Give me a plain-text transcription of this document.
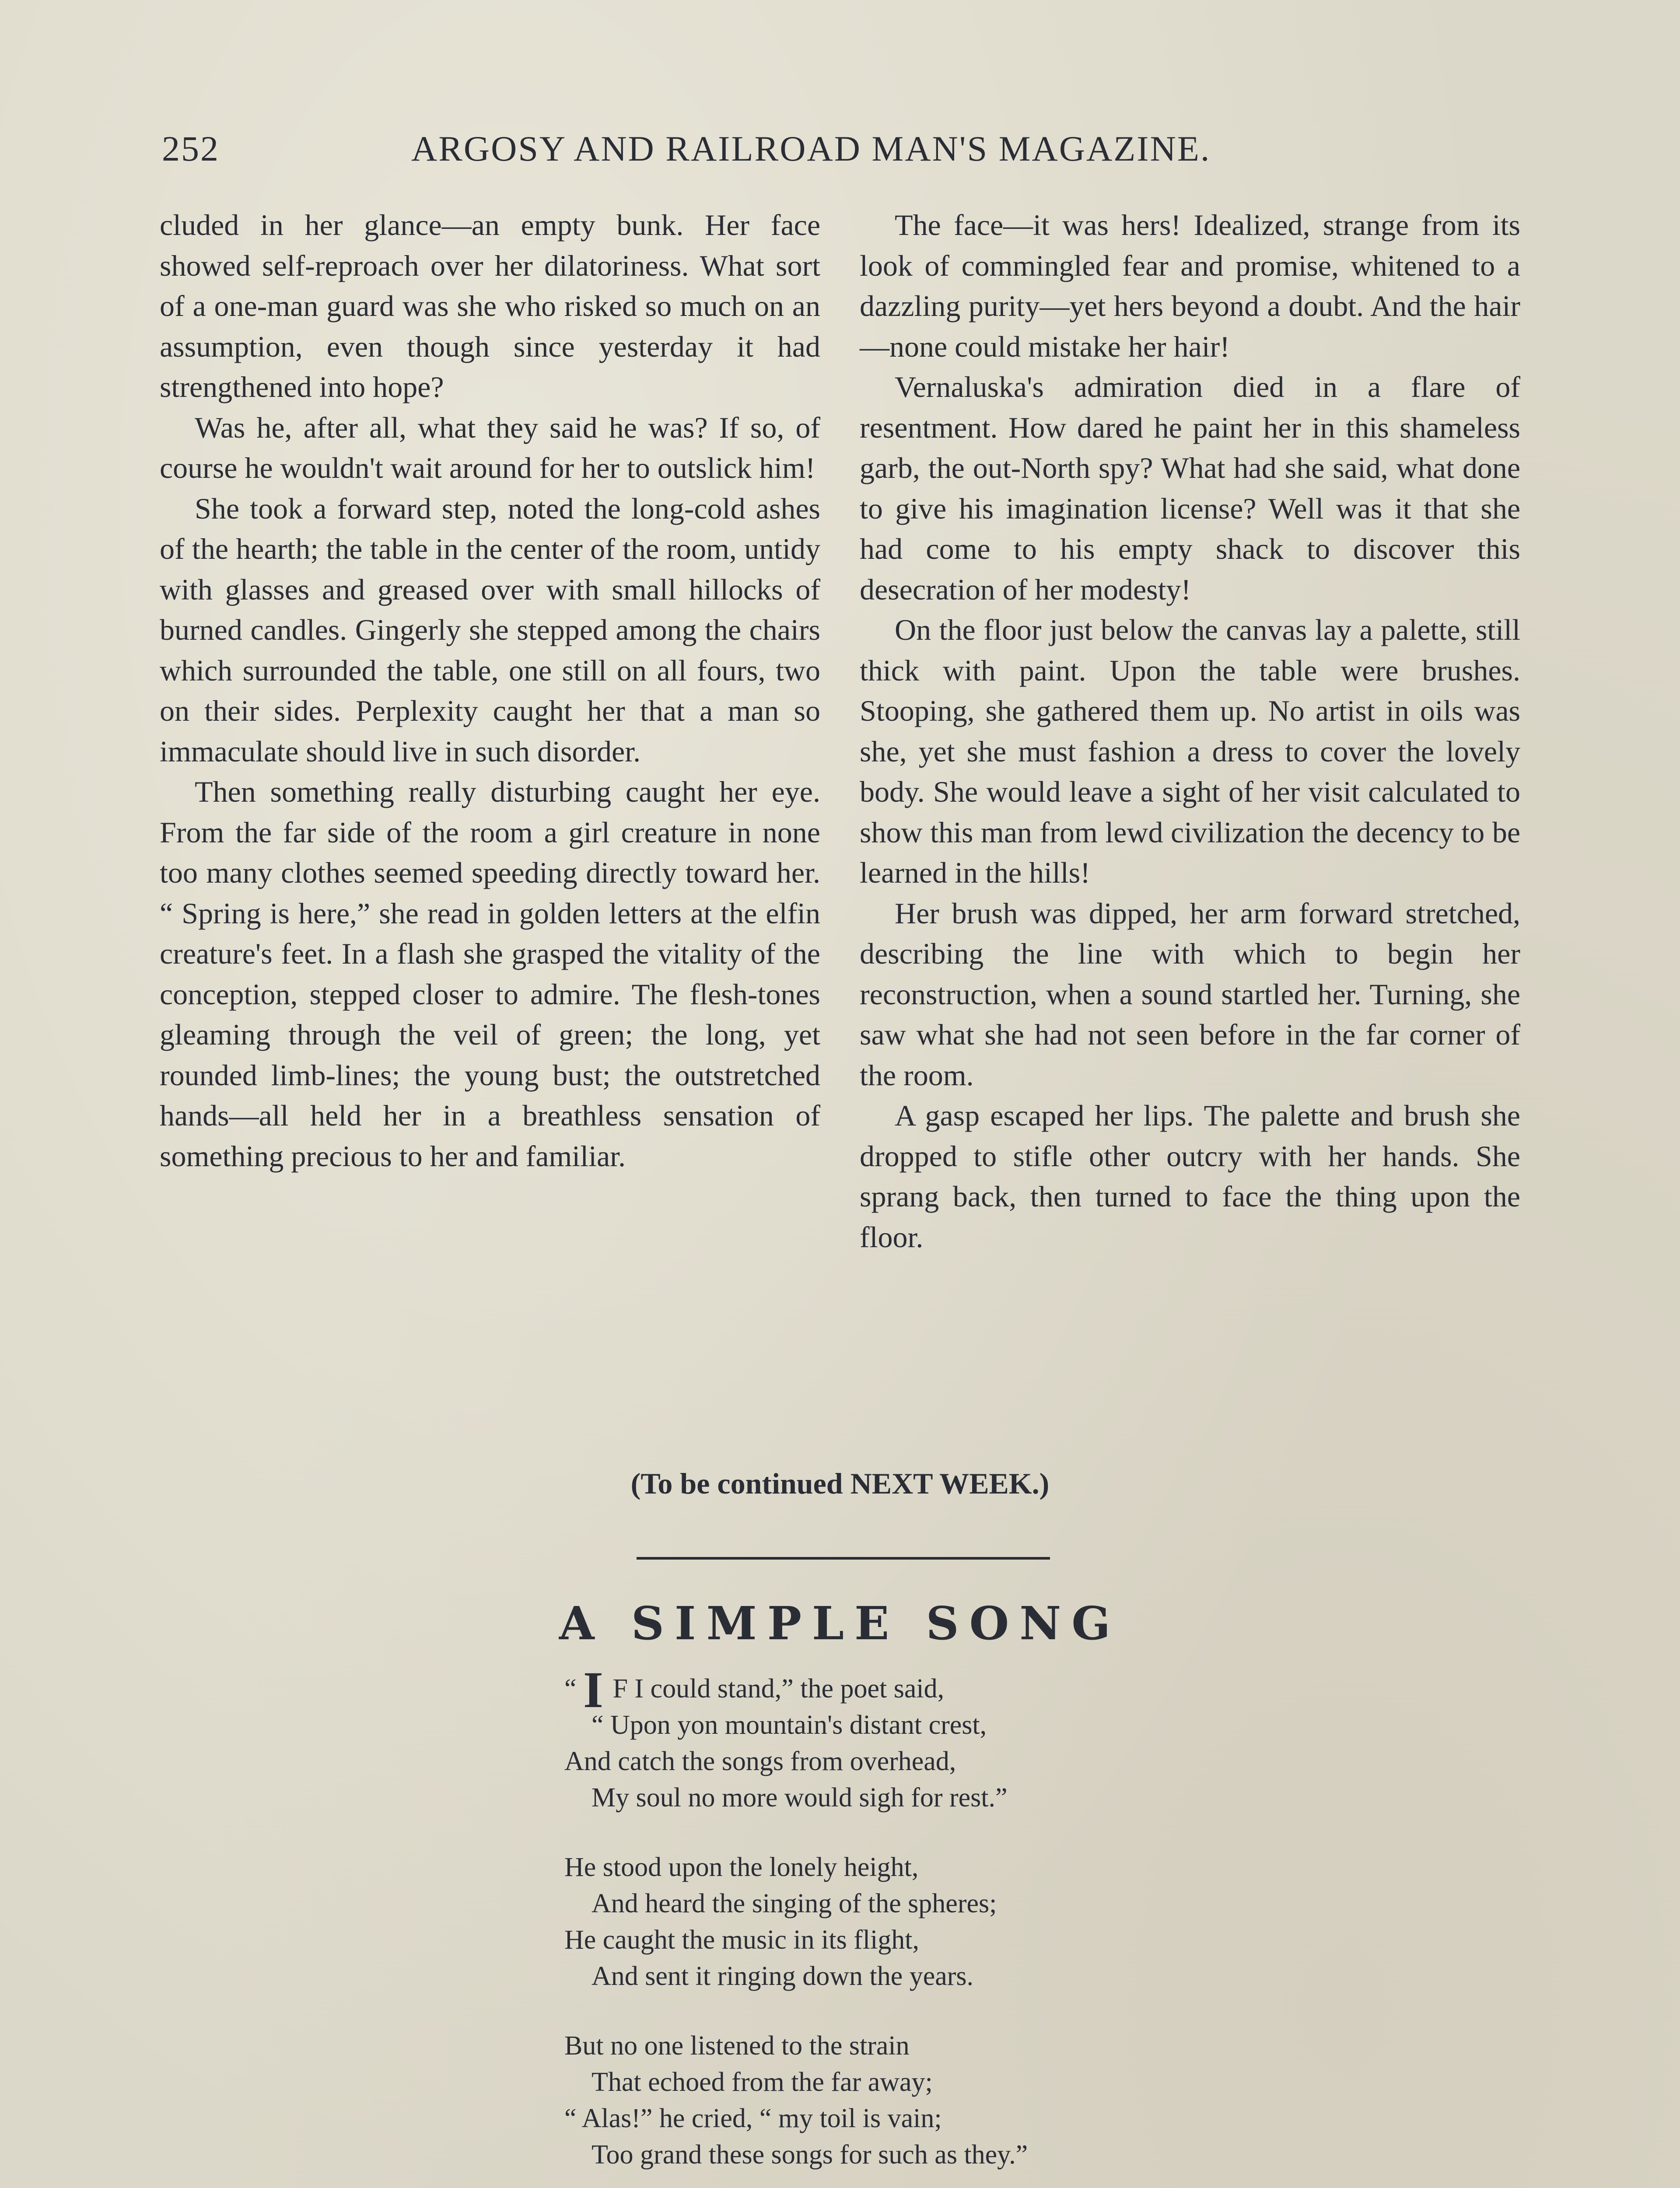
252	ARGOSY AND RAILROAD MAN'S MAGAZINE.

cluded in her glance—an empty bunk. Her face showed self-reproach over her dilatoriness. What sort of a one-man guard was she who risked so much on an assumption, even though since yesterday it had strengthened into hope?

Was he, after all, what they said he was? If so, of course he wouldn't wait around for her to outslick him!

She took a forward step, noted the long-cold ashes of the hearth; the table in the center of the room, untidy with glasses and greased over with small hillocks of burned candles. Gingerly she stepped among the chairs which surrounded the table, one still on all fours, two on their sides. Perplexity caught her that a man so immaculate should live in such disorder.

Then something really disturbing caught her eye. From the far side of the room a girl creature in none too many clothes seemed speeding directly toward her. “ Spring is here,” she read in golden letters at the elfin creature's feet. In a flash she grasped the vitality of the conception, stepped closer to admire. The flesh-tones gleaming through the veil of green; the long, yet rounded limb-lines; the young bust; the outstretched hands—all held her in a breathless sensation of something precious to her and familiar.

The face—it was hers! Idealized, strange from its look of commingled fear and promise, whitened to a dazzling purity—yet hers beyond a doubt. And the hair—none could mistake her hair!

Vernaluska's admiration died in a flare of resentment. How dared he paint her in this shameless garb, the out-North spy? What had she said, what done to give his imagination license? Well was it that she had come to his empty shack to discover this desecration of her modesty!

On the floor just below the canvas lay a palette, still thick with paint. Upon the table were brushes. Stooping, she gathered them up. No artist in oils was she, yet she must fashion a dress to cover the lovely body. She would leave a sight of her visit calculated to show this man from lewd civilization the decency to be learned in the hills!

Her brush was dipped, her arm forward stretched, describing the line with which to begin her reconstruction, when a sound startled her. Turning, she saw what she had not seen before in the far corner of the room.

A gasp escaped her lips. The palette and brush she dropped to stifle other outcry with her hands. She sprang back, then turned to face the thing upon the floor.

(To be continued NEXT WEEK.)
A SIMPLE SONG
“ I F I could stand,” the poet said,
“ Upon yon mountain's distant crest,
And catch the songs from overhead,
My soul no more would sigh for rest.”
He stood upon the lonely height,
And heard the singing of the spheres;
He caught the music in its flight,
And sent it ringing down the years.
But no one listened to the strain
That echoed from the far away;
“ Alas!” he cried, “ my toil is vain;
Too grand these songs for such as they.”
